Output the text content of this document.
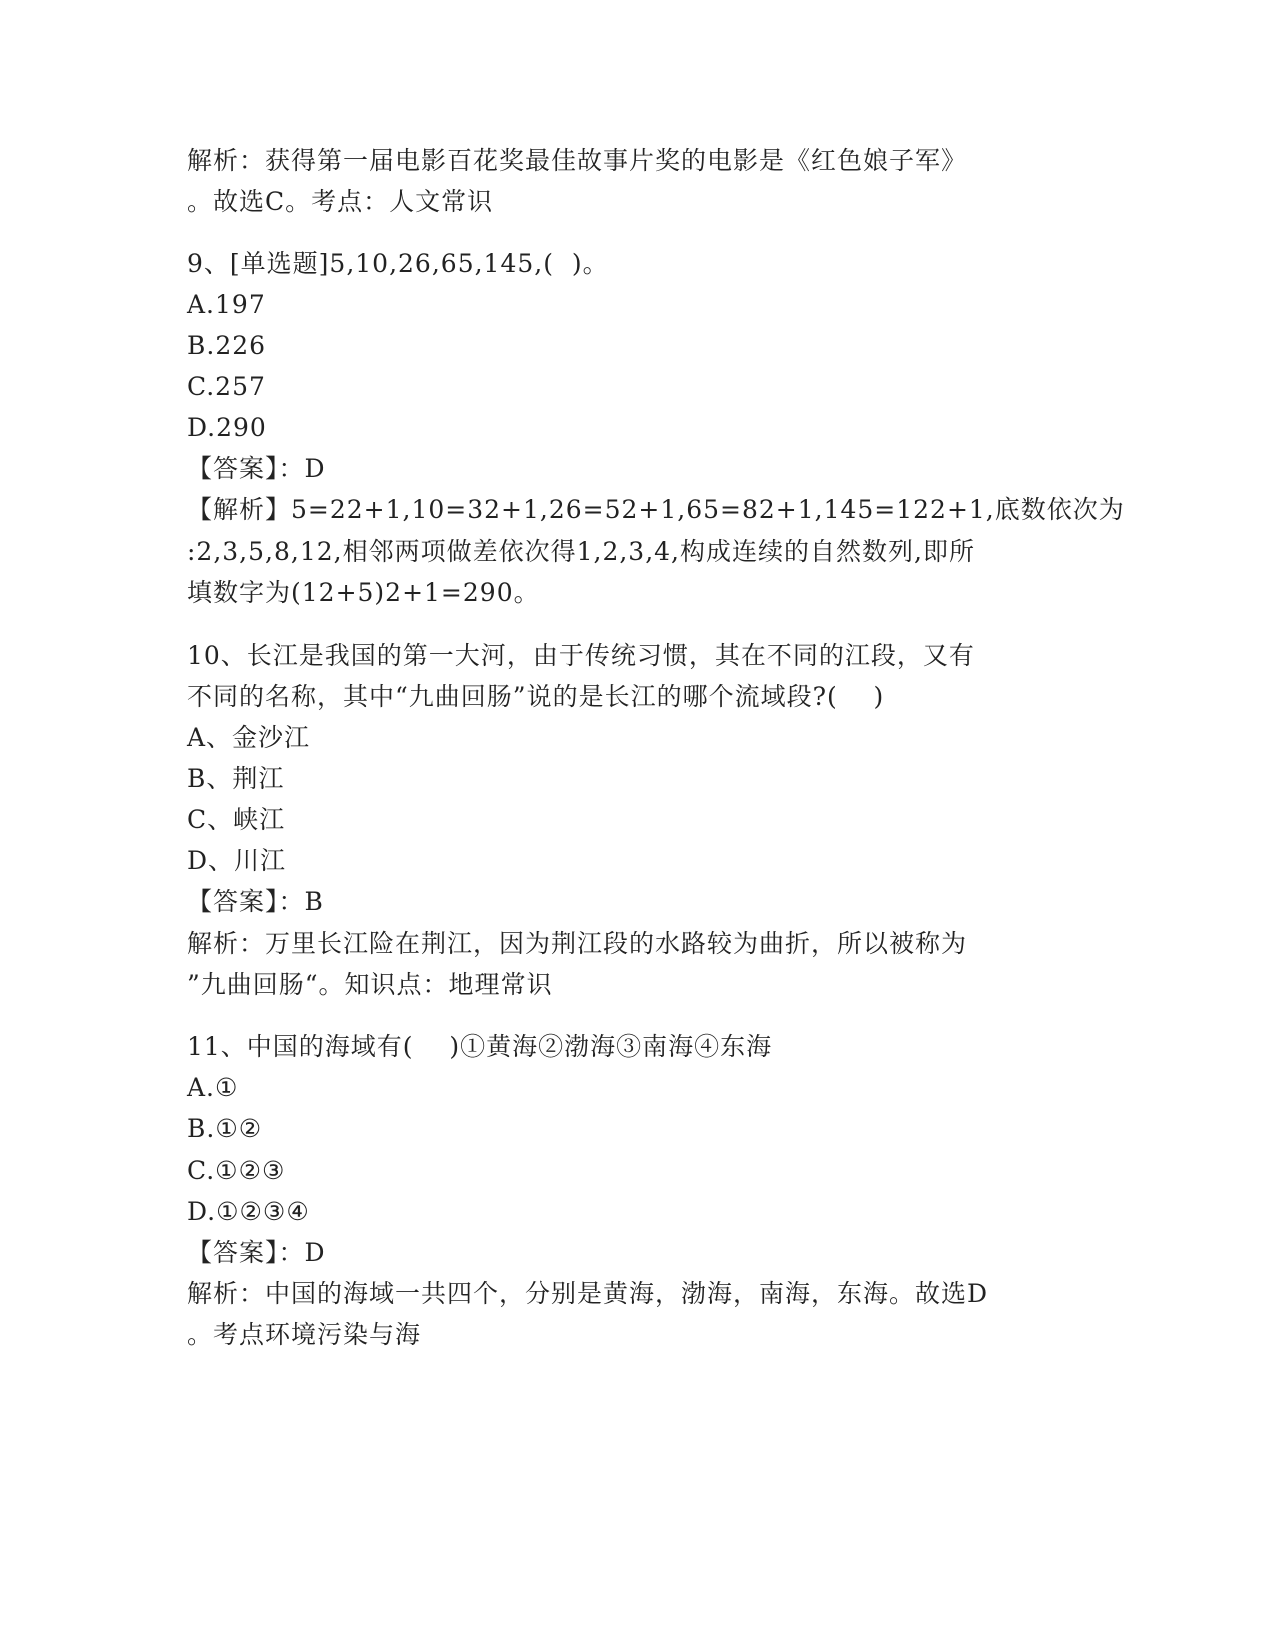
解析：获得第一届电影百花奖最佳故事片奖的电影是《红色娘子军》
。故选C。考点：人文常识
9、[单选题]5,10,26,65,145,(  )。
A.197
B.226
C.257
D.290
【答案】：D
【解析】5=22+1,10=32+1,26=52+1,65=82+1,145=122+1,底数依次为
:2,3,5,8,12,相邻两项做差依次得1,2,3,4,构成连续的自然数列,即所
填数字为(12+5)2+1=290。
10、长江是我国的第一大河，由于传统习惯，其在不同的江段，又有
不同的名称，其中“九曲回肠”说的是长江的哪个流域段?(    )
A、金沙江
B、荆江
C、峡江
D、川江
【答案】：B
解析：万里长江险在荆江，因为荆江段的水路较为曲折，所以被称为
”九曲回肠“。知识点：地理常识
11、中国的海域有(    )①黄海②渤海③南海④东海
A.①
B.①②
C.①②③
D.①②③④
【答案】：D
解析：中国的海域一共四个，分别是黄海，渤海，南海，东海。故选D
。考点环境污染与海
